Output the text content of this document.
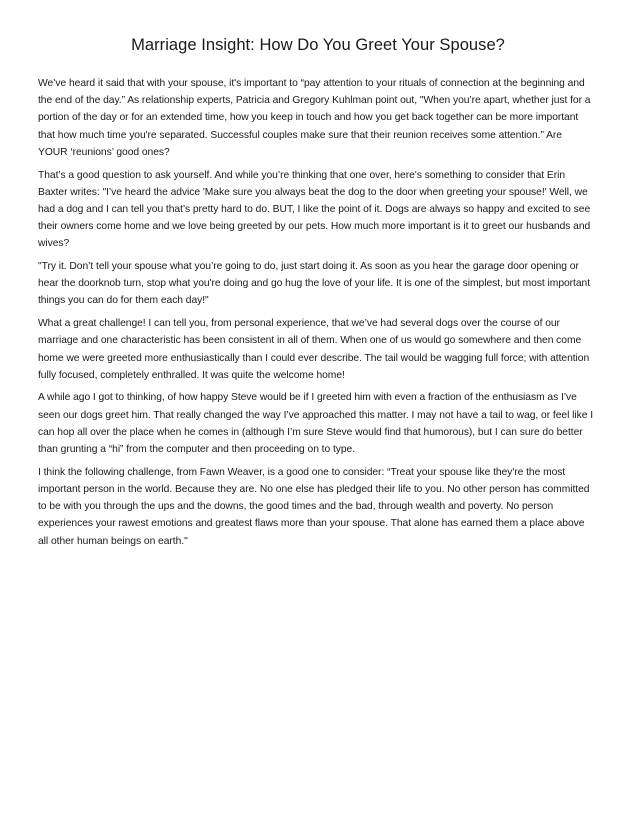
Marriage Insight: How Do You Greet Your Spouse?

We’ve heard it said that with your spouse, it's important to “pay attention to your rituals of connection at the beginning and the end of the day.” As relationship experts, Patricia and Gregory Kuhlman point out, "When you’re apart, whether just for a portion of the day or for an extended time, how you keep in touch and how you get back together can be more important that how much time you're separated. Successful couples make sure that their reunion receives some attention.” Are YOUR ‘reunions’ good ones?

That’s a good question to ask yourself. And while you’re thinking that one over, here's something to consider that Erin Baxter writes: "I’ve heard the advice 'Make sure you always beat the dog to the door when greeting your spouse!' Well, we had a dog and I can tell you that’s pretty hard to do. BUT, I like the point of it. Dogs are always so happy and excited to see their owners come home and we love being greeted by our pets. How much more important is it to greet our husbands and wives?

"Try it. Don’t tell your spouse what you’re going to do, just start doing it. As soon as you hear the garage door opening or hear the doorknob turn, stop what you're doing and go hug the love of your life. It is one of the simplest, but most important things you can do for them each day!"

What a great challenge! I can tell you, from personal experience, that we’ve had several dogs over the course of our marriage and one characteristic has been consistent in all of them. When one of us would go somewhere and then come home we were greeted more enthusiastically than I could ever describe. The tail would be wagging full force; with attention fully focused, completely enthralled. It was quite the welcome home!

A while ago I got to thinking, of how happy Steve would be if I greeted him with even a fraction of the enthusiasm as I’ve seen our dogs greet him. That really changed the way I’ve approached this matter. I may not have a tail to wag, or feel like I can hop all over the place when he comes in (although I’m sure Steve would find that humorous), but I can sure do better than grunting a “hi” from the computer and then proceeding on to type.

I think the following challenge, from Fawn Weaver, is a good one to consider: “Treat your spouse like they're the most important person in the world. Because they are. No one else has pledged their life to you. No other person has committed to be with you through the ups and the downs, the good times and the bad, through wealth and poverty. No person experiences your rawest emotions and greatest flaws more than your spouse. That alone has earned them a place above all other human beings on earth."
